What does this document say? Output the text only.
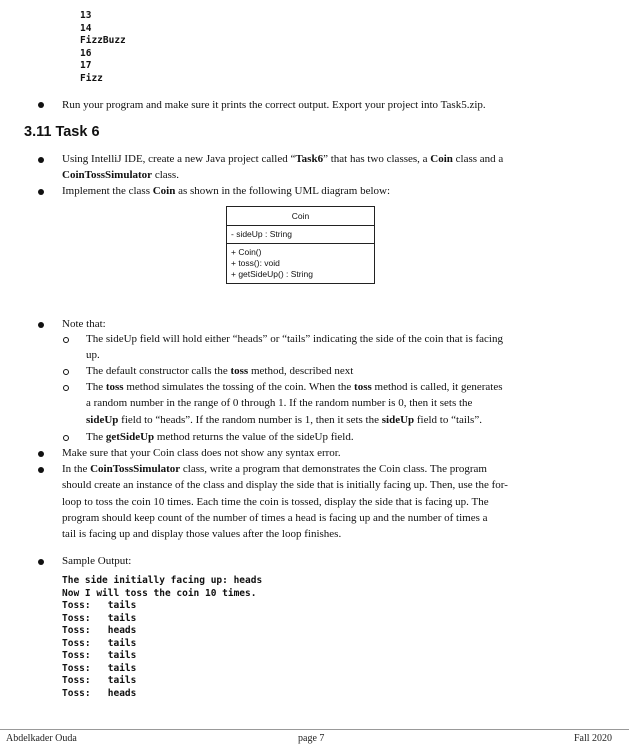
13
14
FizzBuzz
16
17
Fizz
Run your program and make sure it prints the correct output. Export your project into Task5.zip.
3.11 Task 6
Using IntelliJ IDE, create a new Java project called “Task6” that has two classes, a Coin class and a
CoinTossSimulator class.
Implement the class Coin as shown in the following UML diagram below:
Coin
- sideUp : String
+ Coin()
+ toss(): void
+ getSideUp() : String
Note that:
The sideUp field will hold either “heads” or “tails” indicating the side of the coin that is facing
up.
The default constructor calls the toss method, described next
The toss method simulates the tossing of the coin. When the toss method is called, it generates
a random number in the range of 0 through 1. If the random number is 0, then it sets the
sideUp field to “heads”. If the random number is 1, then it sets the sideUp field to “tails”.
The getSideUp method returns the value of the sideUp field.
Make sure that your Coin class does not show any syntax error.
In the CoinTossSimulator class, write a program that demonstrates the Coin class. The program
should create an instance of the class and display the side that is initially facing up. Then, use the for-
loop to toss the coin 10 times. Each time the coin is tossed, display the side that is facing up. The
program should keep count of the number of times a head is facing up and the number of times a
tail is facing up and display those values after the loop finishes.
Sample Output:
The side initially facing up: heads
Now I will toss the coin 10 times.
Toss:   tails
Toss:   tails
Toss:   heads
Toss:   tails
Toss:   tails
Toss:   tails
Toss:   tails
Toss:   heads
Abdelkader Ouda	page 7	Fall 2020
